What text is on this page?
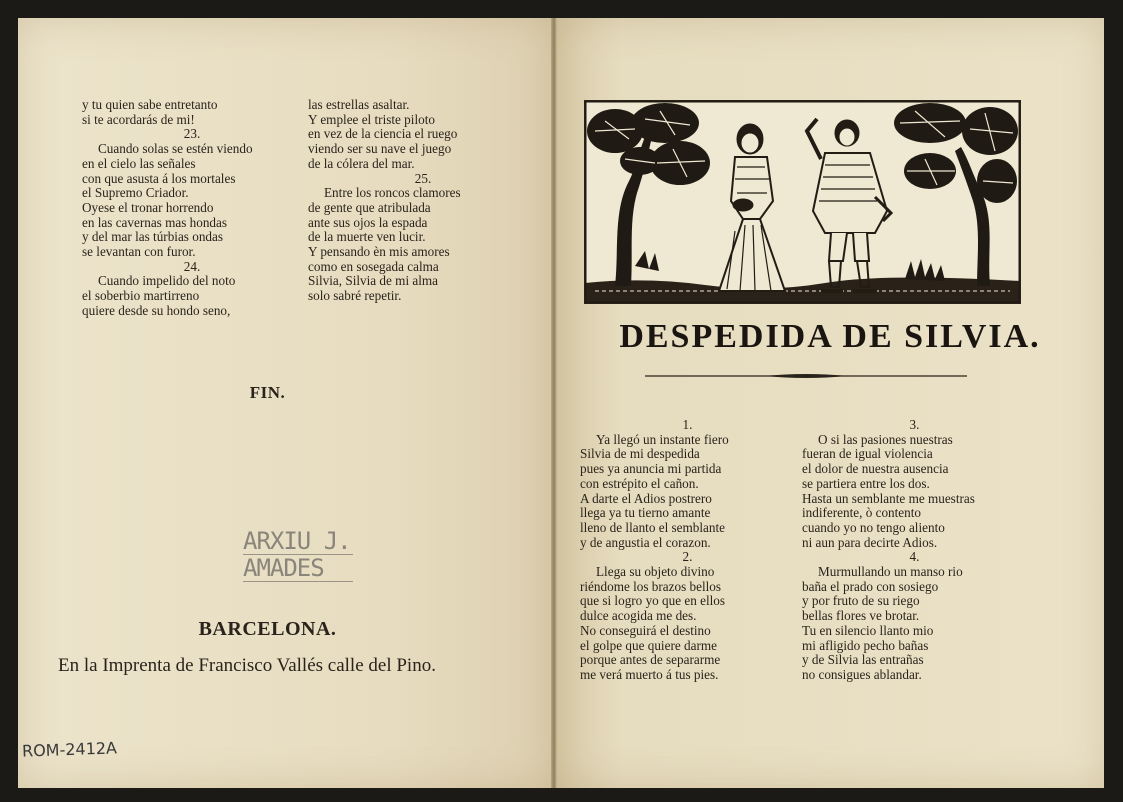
y tu quien sabe entretanto
si te acordarás de mi!
23.
Cuando solas se estén viendo
en el cielo las señales
con que asusta á los mortales
el Supremo Criador.
Oyese el tronar horrendo
en las cavernas mas hondas
y del mar las túrbias ondas
se levantan con furor.
24.
Cuando impelido del noto
el soberbio martirreno
quiere desde su hondo seno,
las estrellas asaltar.
Y emplee el triste piloto
en vez de la ciencia el ruego
viendo ser su nave el juego
de la cólera del mar.
25.
Entre los roncos clamores
de gente que atribulada
ante sus ojos la espada
de la muerte ven lucir.
Y pensando èn mis amores
como en sosegada calma
Silvia, Silvia de mi alma
solo sabré repetir.
FIN.
ARXIU J.
AMADES
BARCELONA.
En la Imprenta de Francisco Vallés calle del Pino.
ROM-2412A
DESPEDIDA DE SILVIA.
1.
Ya llegó un instante fiero
Silvia de mi despedida
pues ya anuncia mi partida
con estrépito el cañon.
A darte el Adios postrero
llega ya tu tierno amante
lleno de llanto el semblante
y de angustia el corazon.
2.
Llega su objeto divino
riéndome los brazos bellos
que si logro yo que en ellos
dulce acogida me des.
No conseguirá el destino
el golpe que quiere darme
porque antes de separarme
me verá muerto á tus pies.
3.
O si las pasiones nuestras
fueran de igual violencia
el dolor de nuestra ausencia
se partiera entre los dos.
Hasta un semblante me muestras
indiferente, ò contento
cuando yo no tengo aliento
ni aun para decirte Adios.
4.
Murmullando un manso rio
baña el prado con sosiego
y por fruto de su riego
bellas flores ve brotar.
Tu en silencio llanto mio
mi afligido pecho bañas
y de Silvia las entrañas
no consigues ablandar.
